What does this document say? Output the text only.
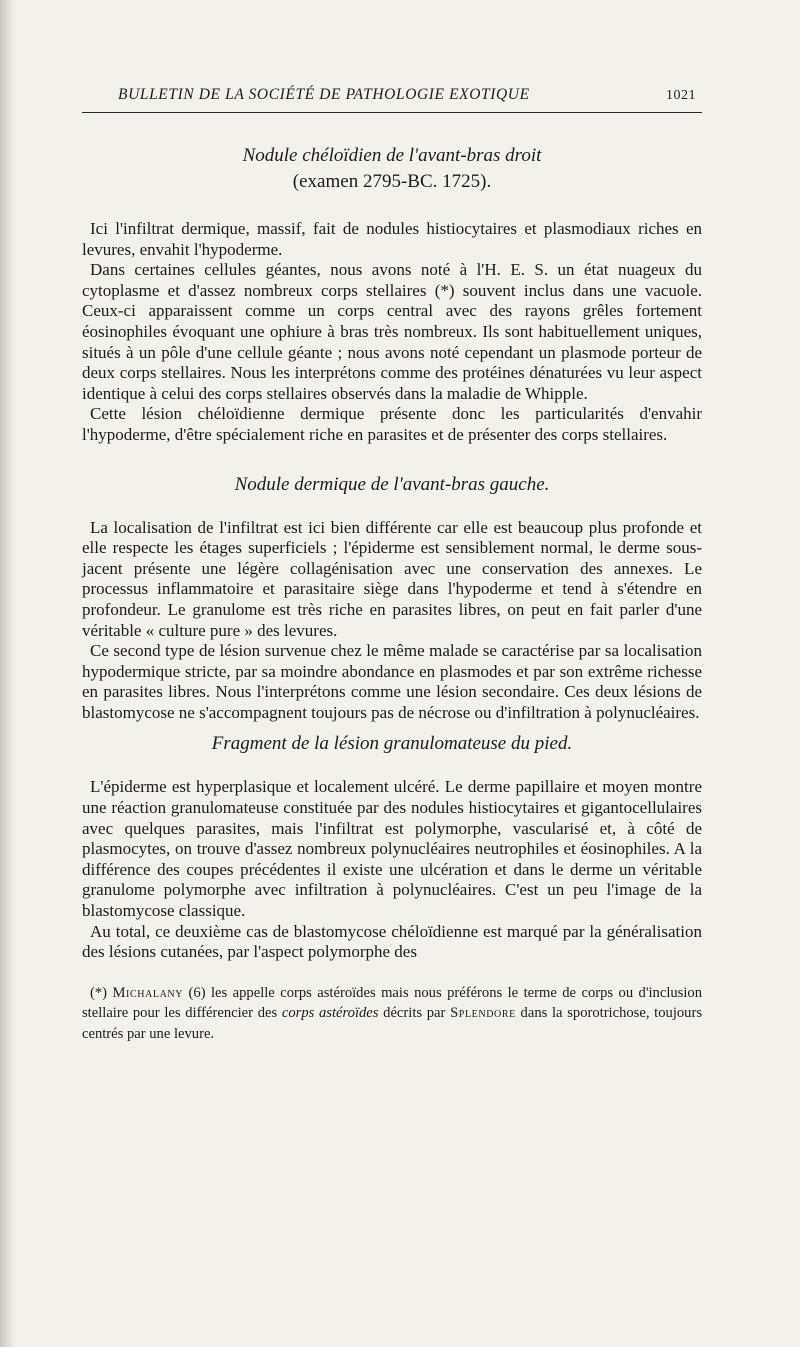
BULLETIN DE LA SOCIÉTÉ DE PATHOLOGIE EXOTIQUE	1021
Nodule chéloïdien de l'avant-bras droit
(examen 2795-BC. 1725).

Ici l'infiltrat dermique, massif, fait de nodules histiocytaires et plasmodiaux riches en levures, envahit l'hypoderme.

Dans certaines cellules géantes, nous avons noté à l'H. E. S. un état nuageux du cytoplasme et d'assez nombreux corps stellaires (*) souvent inclus dans une vacuole. Ceux-ci apparaissent comme un corps central avec des rayons grêles fortement éosinophiles évoquant une ophiure à bras très nombreux. Ils sont habituellement uniques, situés à un pôle d'une cellule géante ; nous avons noté cependant un plasmode porteur de deux corps stellaires. Nous les interprétons comme des protéines dénaturées vu leur aspect identique à celui des corps stellaires observés dans la maladie de Whipple.

Cette lésion chéloïdienne dermique présente donc les particularités d'envahir l'hypoderme, d'être spécialement riche en parasites et de présenter des corps stellaires.

Nodule dermique de l'avant-bras gauche.

La localisation de l'infiltrat est ici bien différente car elle est beaucoup plus profonde et elle respecte les étages superficiels ; l'épiderme est sensiblement normal, le derme sous-jacent présente une légère collagénisation avec une conservation des annexes. Le processus inflammatoire et parasitaire siège dans l'hypoderme et tend à s'étendre en profondeur. Le granulome est très riche en parasites libres, on peut en fait parler d'une véritable « culture pure » des levures.

Ce second type de lésion survenue chez le même malade se caractérise par sa localisation hypodermique stricte, par sa moindre abondance en plasmodes et par son extrême richesse en parasites libres. Nous l'interprétons comme une lésion secondaire. Ces deux lésions de blastomycose ne s'accompagnent toujours pas de nécrose ou d'infiltration à polynucléaires.

Fragment de la lésion granulomateuse du pied.

L'épiderme est hyperplasique et localement ulcéré. Le derme papillaire et moyen montre une réaction granulomateuse constituée par des nodules histiocytaires et gigantocellulaires avec quelques parasites, mais l'infiltrat est polymorphe, vascularisé et, à côté de plasmocytes, on trouve d'assez nombreux polynucléaires neutrophiles et éosinophiles. A la différence des coupes précédentes il existe une ulcération et dans le derme un véritable granulome polymorphe avec infiltration à polynucléaires. C'est un peu l'image de la blastomycose classique.

Au total, ce deuxième cas de blastomycose chéloïdienne est marqué par la généralisation des lésions cutanées, par l'aspect polymorphe des

(*) Michalany (6) les appelle corps astéroïdes mais nous préférons le terme de corps ou d'inclusion stellaire pour les différencier des corps astéroïdes décrits par Splendore dans la sporotrichose, toujours centrés par une levure.
